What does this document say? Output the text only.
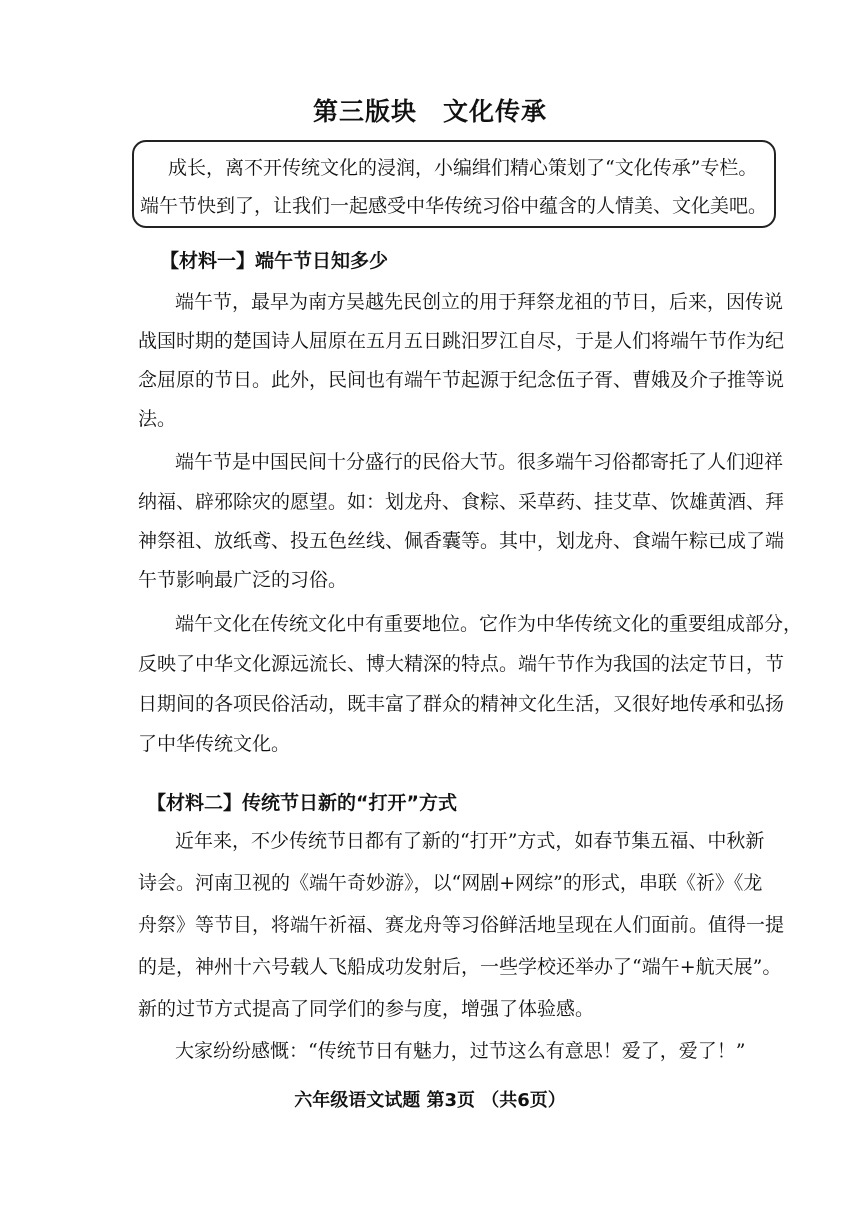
第三版块 文化传承
成长，离不开传统文化的浸润，小编缉们精心策划了“文化传承”专栏。
端午节快到了，让我们一起感受中华传统习俗中蕴含的人情美、文化美吧。
【材料一】端午节日知多少
端午节，最早为南方吴越先民创立的用于拜祭龙祖的节日，后来，因传说
战国时期的楚国诗人屈原在五月五日跳汨罗江自尽，于是人们将端午节作为纪
念屈原的节日。此外，民间也有端午节起源于纪念伍子胥、曹娥及介子推等说
法。
端午节是中国民间十分盛行的民俗大节。很多端午习俗都寄托了人们迎祥
纳福、辟邪除灾的愿望。如：划龙舟、食粽、采草药、挂艾草、饮雄黄酒、拜
神祭祖、放纸鸢、投五色丝线、佩香囊等。其中，划龙舟、食端午粽已成了端
午节影响最广泛的习俗。
端午文化在传统文化中有重要地位。它作为中华传统文化的重要组成部分，
反映了中华文化源远流长、博大精深的特点。端午节作为我国的法定节日，节
日期间的各项民俗活动，既丰富了群众的精神文化生活，又很好地传承和弘扬
了中华传统文化。
【材料二】传统节日新的“打开”方式
近年来，不少传统节日都有了新的“打开”方式，如春节集五福、中秋新
诗会。河南卫视的《端午奇妙游》，以“网剧+网综”的形式，串联《祈》《龙
舟祭》等节目，将端午祈福、赛龙舟等习俗鲜活地呈现在人们面前。值得一提
的是，神州十六号载人飞船成功发射后，一些学校还举办了“端午+航天展”。
新的过节方式提高了同学们的参与度，增强了体验感。
大家纷纷感慨：“传统节日有魅力，过节这么有意思！爱了，爱了！”
六年级语文试题 第3页 （共6页）
